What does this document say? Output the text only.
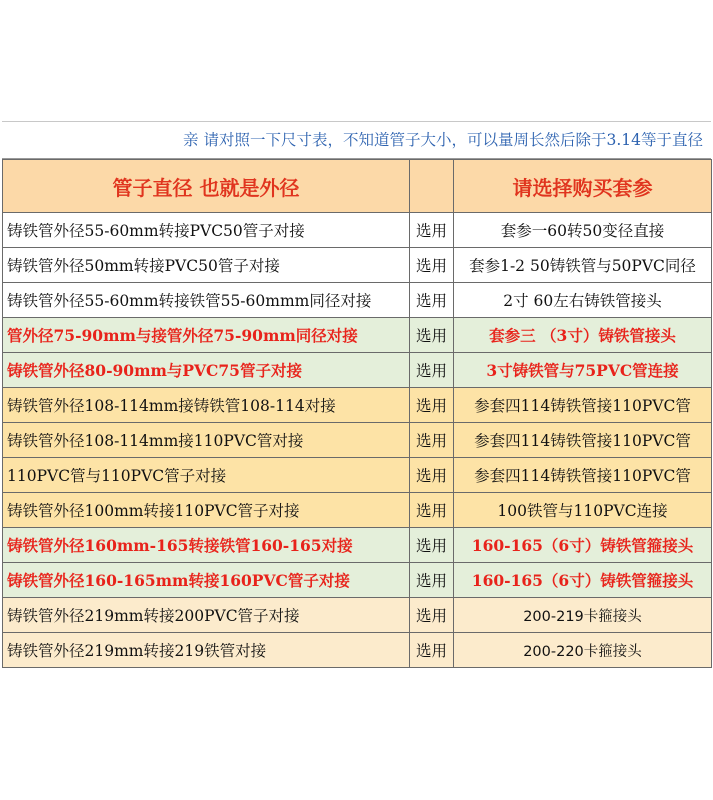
亲 请对照一下尺寸表，不知道管子大小，可以量周长然后除于3.14等于直径
管子直径 也就是外径		请选择购买套参
铸铁管外径55-60mm转接PVC50管子对接	选用	套参一60转50变径直接
铸铁管外径50mm转接PVC50管子对接	选用	套参1-2 50铸铁管与50PVC同径
铸铁管外径55-60mm转接铁管55-60mmm同径对接	选用	2寸 60左右铸铁管接头
管外径75-90mm与接管外径75-90mm同径对接	选用	套参三 （3寸）铸铁管接头
铸铁管外径80-90mm与PVC75管子对接	选用	3寸铸铁管与75PVC管连接
铸铁管外径108-114mm接铸铁管108-114对接	选用	参套四114铸铁管接110PVC管
铸铁管外径108-114mm接110PVC管对接	选用	参套四114铸铁管接110PVC管
110PVC管与110PVC管子对接	选用	参套四114铸铁管接110PVC管
铸铁管外径100mm转接110PVC管子对接	选用	100铁管与110PVC连接
铸铁管外径160mm-165转接铁管160-165对接	选用	160-165（6寸）铸铁管箍接头
铸铁管外径160-165mm转接160PVC管子对接	选用	160-165（6寸）铸铁管箍接头
铸铁管外径219mm转接200PVC管子对接	选用	200-219卡箍接头
铸铁管外径219mm转接219铁管对接	选用	200-220卡箍接头
